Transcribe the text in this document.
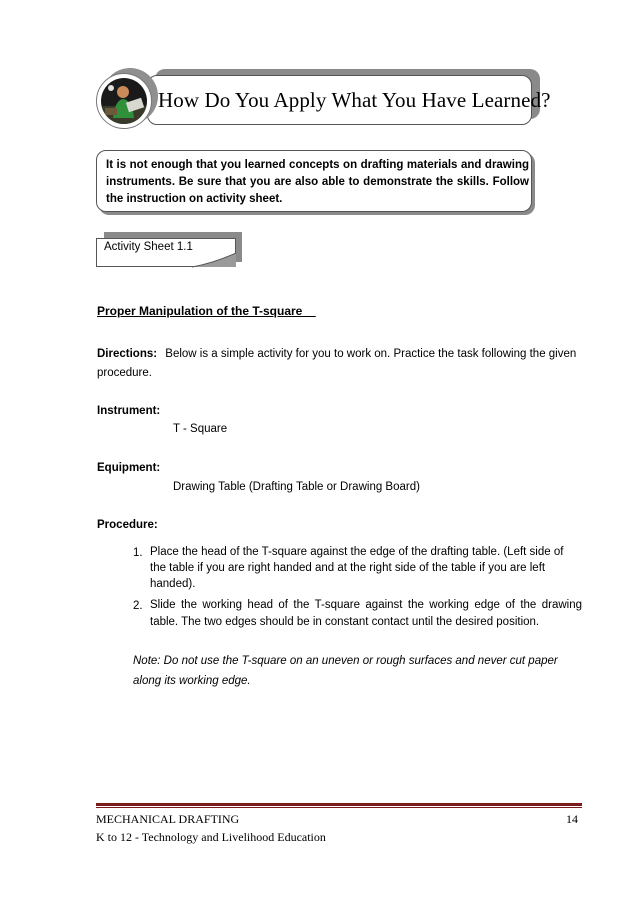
How Do You Apply What You Have Learned?
It is not enough that you learned concepts on drafting materials and drawing instruments. Be sure that you are also able to demonstrate the skills. Follow the instruction on activity sheet.
Activity Sheet 1.1
Proper Manipulation of the T-square__
Directions: Below is a simple activity for you to work on. Practice the task following the given procedure.
Instrument:
T - Square
Equipment:
Drawing Table (Drafting Table or Drawing Board)
Procedure:
1. Place the head of the T-square against the edge of the drafting table. (Left side of the table if you are right handed and at the right side of the table if you are left handed).
2. Slide the working head of the T-square against the working edge of the drawing table. The two edges should be in constant contact until the desired position.
Note: Do not use the T-square on an uneven or rough surfaces and never cut paper along its working edge.
MECHANICAL DRAFTING	14
K to 12 - Technology and Livelihood Education
